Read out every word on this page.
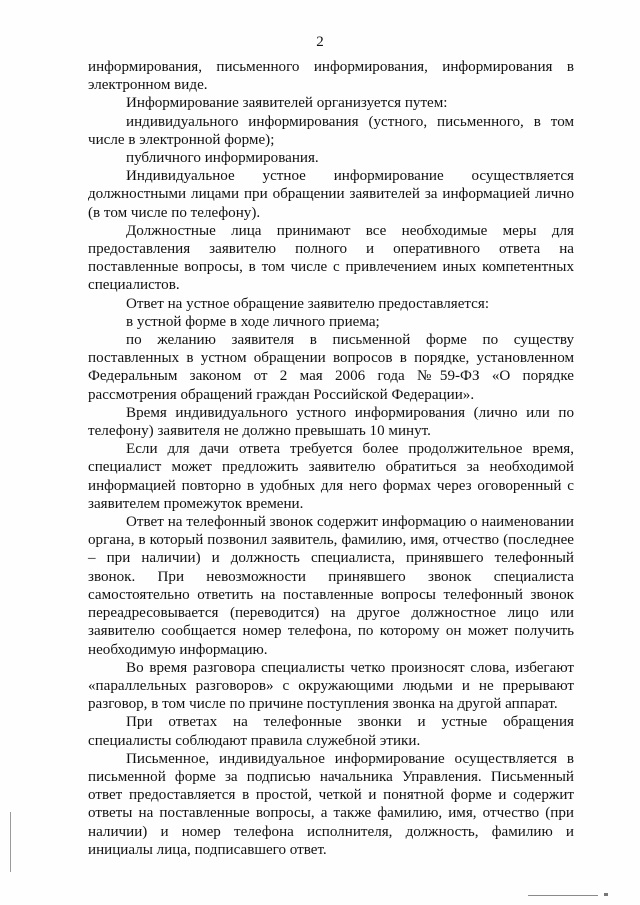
2

информирования, письменного информирования, информирования в электронном виде.

Информирование заявителей организуется путем:

индивидуального информирования (устного, письменного, в том числе в электронной форме);

публичного информирования.

Индивидуальное устное информирование осуществляется должностными лицами при обращении заявителей за информацией лично (в том числе по телефону).

Должностные лица принимают все необходимые меры для предоставления заявителю полного и оперативного ответа на поставленные вопросы, в том числе с привлечением иных компетентных специалистов.

Ответ на устное обращение заявителю предоставляется:

в устной форме в ходе личного приема;

по желанию заявителя в письменной форме по существу поставленных в устном обращении вопросов в порядке, установленном Федеральным законом от 2 мая 2006 года №59-ФЗ «О порядке рассмотрения обращений граждан Российской Федерации».

Время индивидуального устного информирования (лично или по телефону) заявителя не должно превышать 10 минут.

Если для дачи ответа требуется более продолжительное время, специалист может предложить заявителю обратиться за необходимой информацией повторно в удобных для него формах через оговоренный с заявителем промежуток времени.

Ответ на телефонный звонок содержит информацию о наименовании органа, в который позвонил заявитель, фамилию, имя, отчество (последнее – при наличии) и должность специалиста, принявшего телефонный звонок. При невозможности принявшего звонок специалиста самостоятельно ответить на поставленные вопросы телефонный звонок переадресовывается (переводится) на другое должностное лицо или заявителю сообщается номер телефона, по которому он может получить необходимую информацию.

Во время разговора специалисты четко произносят слова, избегают «параллельных разговоров» с окружающими людьми и не прерывают разговор, в том числе по причине поступления звонка на другой аппарат.

При ответах на телефонные звонки и устные обращения специалисты соблюдают правила служебной этики.

Письменное, индивидуальное информирование осуществляется в письменной форме за подписью начальника Управления. Письменный ответ предоставляется в простой, четкой и понятной форме и содержит ответы на поставленные вопросы, а также фамилию, имя, отчество (при наличии) и номер телефона исполнителя, должность, фамилию и инициалы лица, подписавшего ответ.
